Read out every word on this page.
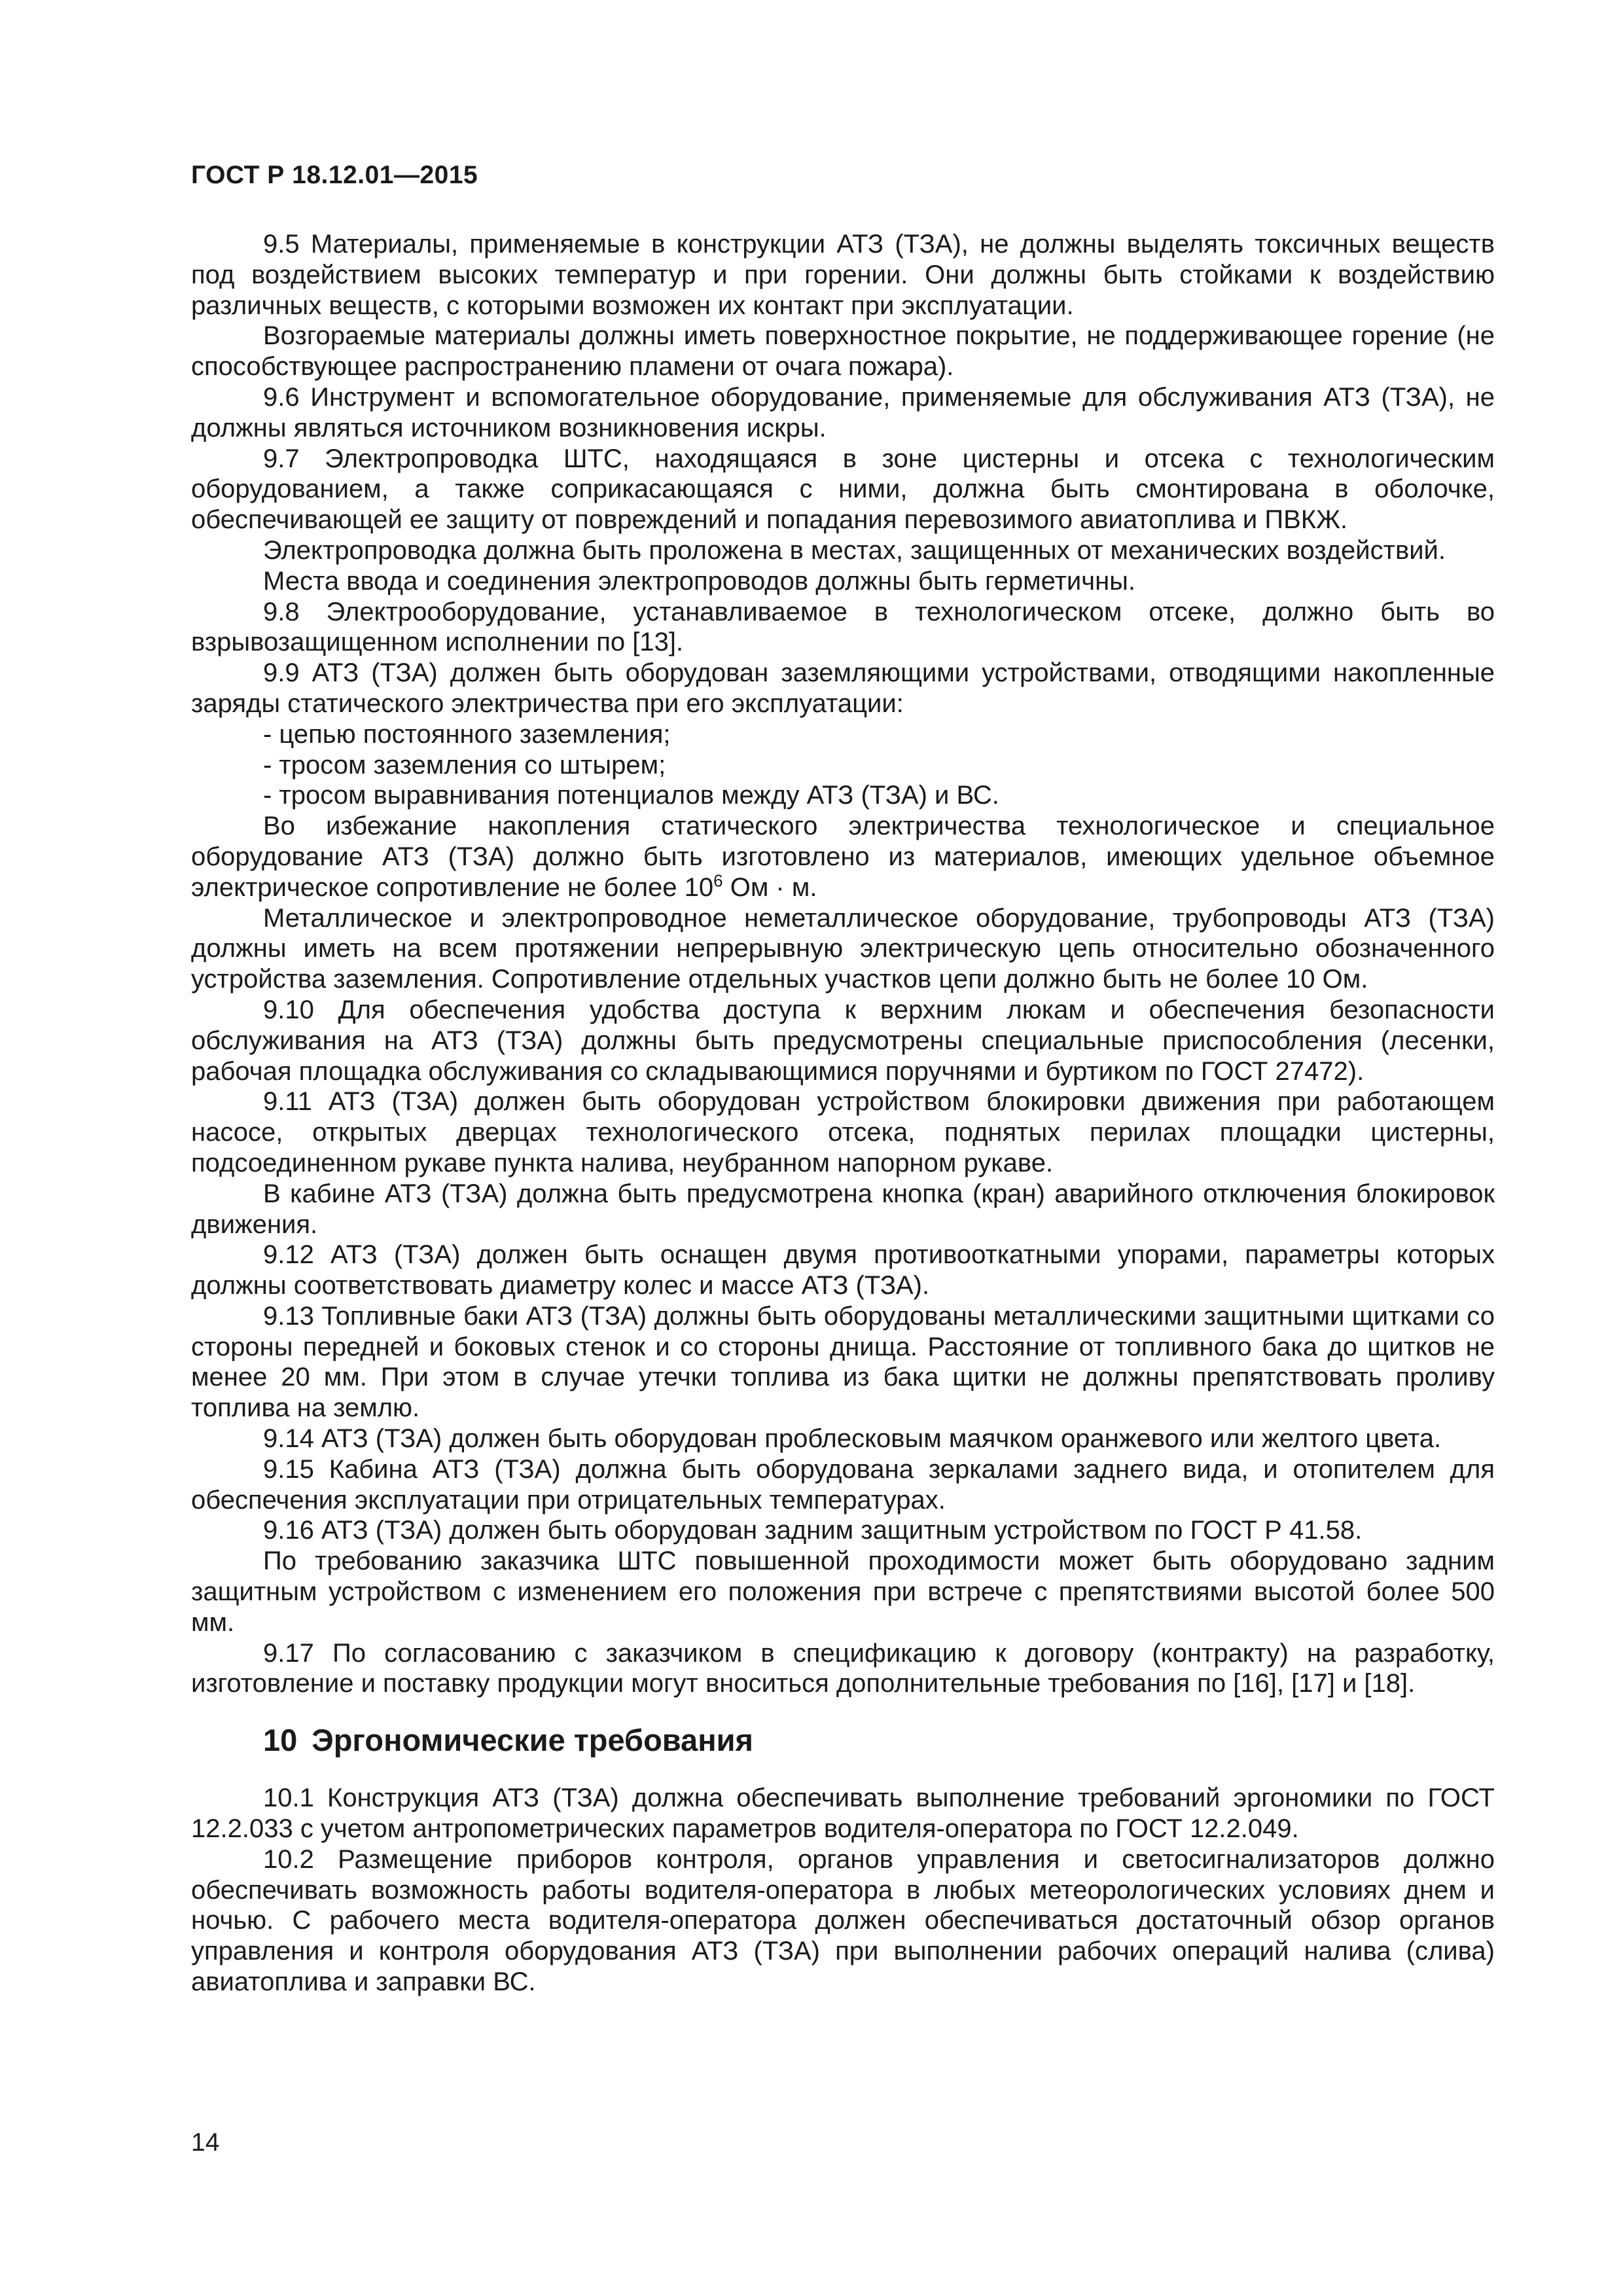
ГОСТ Р 18.12.01—2015

9.5 Материалы, применяемые в конструкции АТЗ (ТЗА), не должны выделять токсичных веществ под воздействием высоких температур и при горении. Они должны быть стойками к воздействию различных веществ, с которыми возможен их контакт при эксплуатации.

Возгораемые материалы должны иметь поверхностное покрытие, не поддерживающее горение (не способствующее распространению пламени от очага пожара).

9.6 Инструмент и вспомогательное оборудование, применяемые для обслуживания АТЗ (ТЗА), не должны являться источником возникновения искры.

9.7 Электропроводка ШТС, находящаяся в зоне цистерны и отсека с технологическим оборудованием, а также соприкасающаяся с ними, должна быть смонтирована в оболочке, обеспечивающей ее защиту от повреждений и попадания перевозимого авиатоплива и ПВКЖ.

Электропроводка должна быть проложена в местах, защищенных от механических воздействий.

Места ввода и соединения электропроводов должны быть герметичны.

9.8 Электрооборудование, устанавливаемое в технологическом отсеке, должно быть во взрывозащищенном исполнении по [13].

9.9 АТЗ (ТЗА) должен быть оборудован заземляющими устройствами, отводящими накопленные заряды статического электричества при его эксплуатации:

- цепью постоянного заземления;

- тросом заземления со штырем;

- тросом выравнивания потенциалов между АТЗ (ТЗА) и ВС.

Во избежание накопления статического электричества технологическое и специальное оборудование АТЗ (ТЗА) должно быть изготовлено из материалов, имеющих удельное объемное электрическое сопротивление не более $10^6$ Ом · м.

Металлическое и электропроводное неметаллическое оборудование, трубопроводы АТЗ (ТЗА) должны иметь на всем протяжении непрерывную электрическую цепь относительно обозначенного устройства заземления. Сопротивление отдельных участков цепи должно быть не более 10 Ом.

9.10 Для обеспечения удобства доступа к верхним люкам и обеспечения безопасности обслуживания на АТЗ (ТЗА) должны быть предусмотрены специальные приспособления (лесенки, рабочая площадка обслуживания со складывающимися поручнями и буртиком по ГОСТ 27472).

9.11 АТЗ (ТЗА) должен быть оборудован устройством блокировки движения при работающем насосе, открытых дверцах технологического отсека, поднятых перилах площадки цистерны, подсоединенном рукаве пункта налива, неубранном напорном рукаве.

В кабине АТЗ (ТЗА) должна быть предусмотрена кнопка (кран) аварийного отключения блокировок движения.

9.12 АТЗ (ТЗА) должен быть оснащен двумя противооткатными упорами, параметры которых должны соответствовать диаметру колес и массе АТЗ (ТЗА).

9.13 Топливные баки АТЗ (ТЗА) должны быть оборудованы металлическими защитными щитками со стороны передней и боковых стенок и со стороны днища. Расстояние от топливного бака до щитков не менее 20 мм. При этом в случае утечки топлива из бака щитки не должны препятствовать проливу топлива на землю.

9.14 АТЗ (ТЗА) должен быть оборудован проблесковым маячком оранжевого или желтого цвета.

9.15 Кабина АТЗ (ТЗА) должна быть оборудована зеркалами заднего вида, и отопителем для обеспечения эксплуатации при отрицательных температурах.

9.16 АТЗ (ТЗА) должен быть оборудован задним защитным устройством по ГОСТ Р 41.58.

По требованию заказчика ШТС повышенной проходимости может быть оборудовано задним защитным устройством с изменением его положения при встрече с препятствиями высотой более 500 мм.

9.17 По согласованию с заказчиком в спецификацию к договору (контракту) на разработку, изготовление и поставку продукции могут вноситься дополнительные требования по [16], [17] и [18].

10 Эргономические требования

10.1 Конструкция АТЗ (ТЗА) должна обеспечивать выполнение требований эргономики по ГОСТ 12.2.033 с учетом антропометрических параметров водителя-оператора по ГОСТ 12.2.049.

10.2 Размещение приборов контроля, органов управления и светосигнализаторов должно обеспечивать возможность работы водителя-оператора в любых метеорологических условиях днем и ночью. С рабочего места водителя-оператора должен обеспечиваться достаточный обзор органов управления и контроля оборудования АТЗ (ТЗА) при выполнении рабочих операций налива (слива) авиатоплива и заправки ВС.

14
